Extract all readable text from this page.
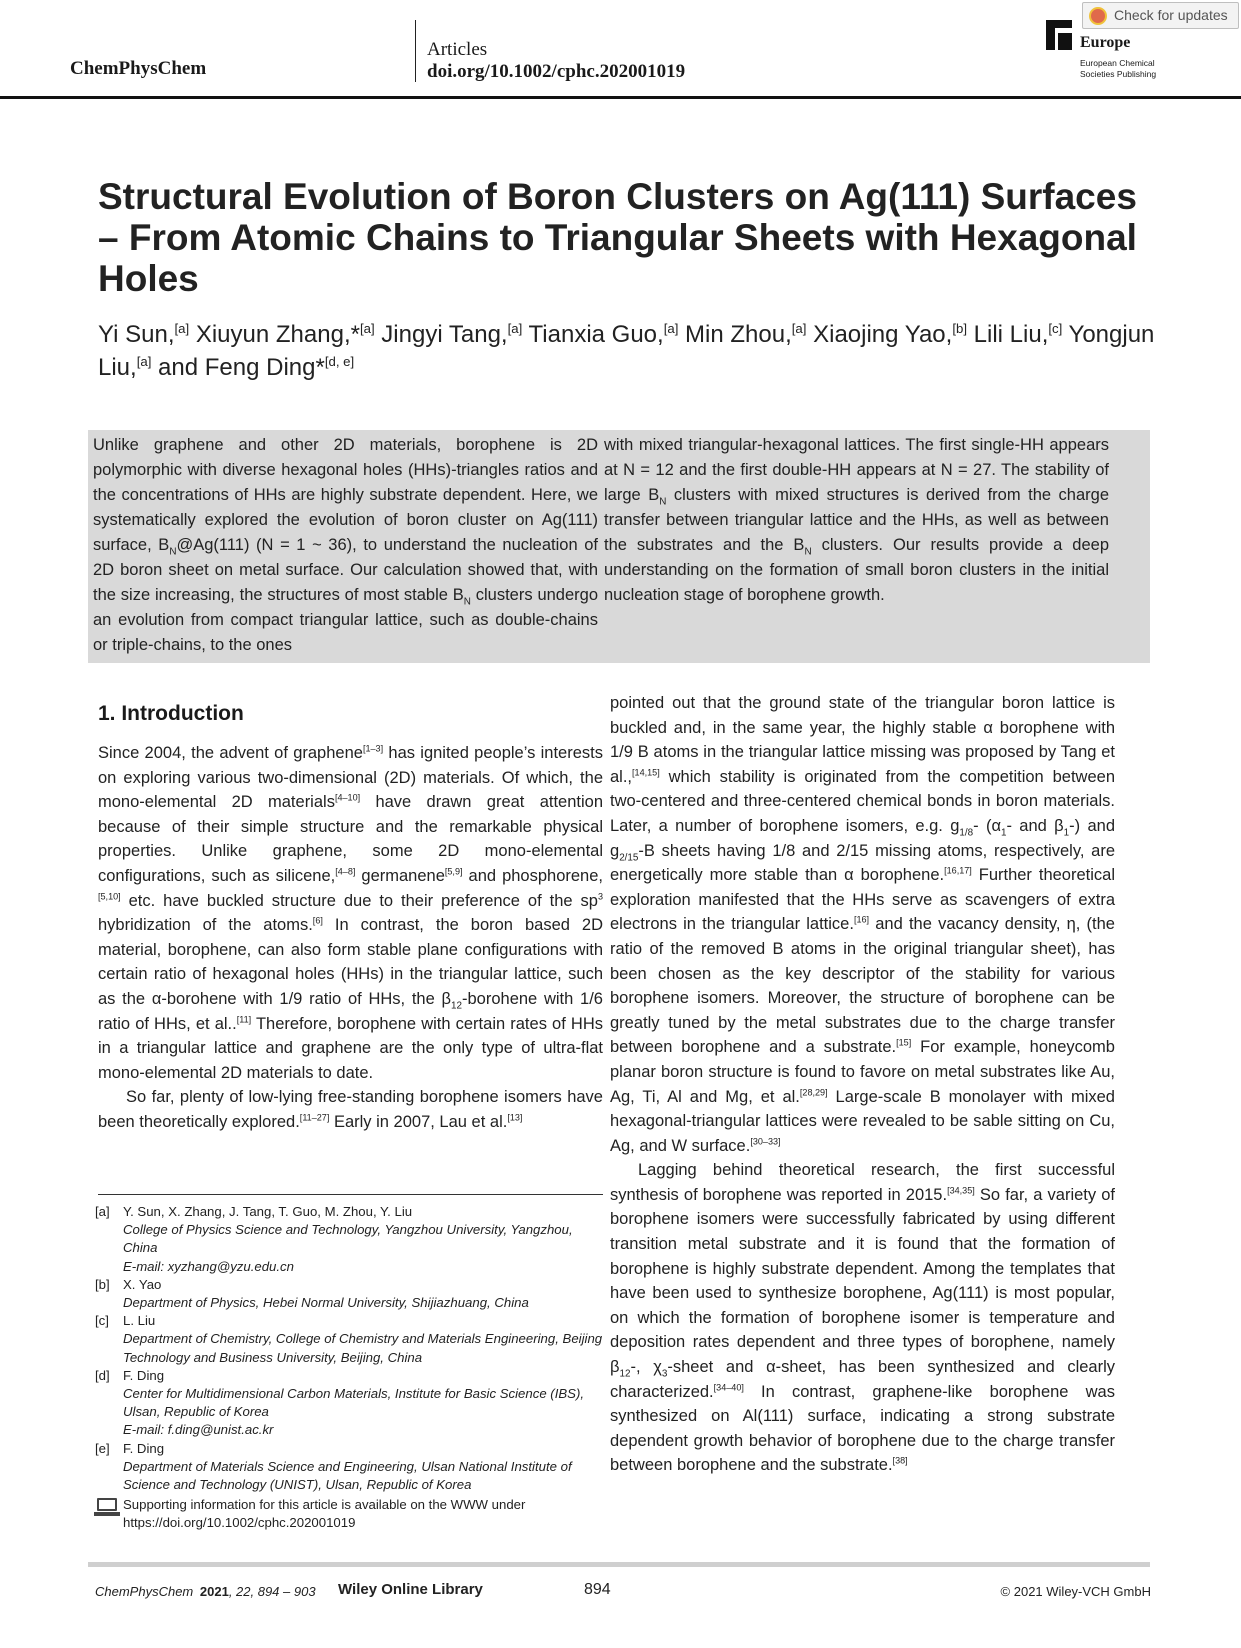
ChemPhysChem
Articles
doi.org/10.1002/cphc.202001019
Europe
European Chemical Societies Publishing
Check for updates
Structural Evolution of Boron Clusters on Ag(111) Surfaces – From Atomic Chains to Triangular Sheets with Hexagonal Holes
Yi Sun,[a] Xiuyun Zhang,*[a] Jingyi Tang,[a] Tianxia Guo,[a] Min Zhou,[a] Xiaojing Yao,[b] Lili Liu,[c] Yongjun Liu,[a] and Feng Ding*[d, e]
Unlike graphene and other 2D materials, borophene is 2D polymorphic with diverse hexagonal holes (HHs)-triangles ratios and the concentrations of HHs are highly substrate dependent. Here, we systematically explored the evolution of boron cluster on Ag(111) surface, $B_N@Ag(111) (N = 1$ ~ 36), to understand the nucleation of 2D boron sheet on metal surface. Our calculation showed that, with the size increasing, the structures of most stable $B_N$ clusters undergo an evolution from compact triangular lattice, such as double-chains or triple-chains, to the ones
with mixed triangular-hexagonal lattices. The first single-HH appears at N = 12 and the first double-HH appears at N = 27. The stability of large $B_N$ clusters with mixed structures is derived from the charge transfer between triangular lattice and the HHs, as well as between the substrates and the $B_N$ clusters. Our results provide a deep understanding on the formation of small boron clusters in the initial nucleation stage of borophene growth.
1. Introduction

Since 2004, the advent of graphene[1–3] has ignited people’s interests on exploring various two-dimensional (2D) materials. Of which, the mono-elemental 2D materials[4–10] have drawn great attention because of their simple structure and the remarkable physical properties. Unlike graphene, some 2D mono-elemental configurations, such as silicene,[4–8] germanene[5,9] and phosphorene,[5,10] etc. have buckled structure due to their preference of the $sp^3$ hybridization of the atoms.[6] In contrast, the boron based 2D material, borophene, can also form stable plane configurations with certain ratio of hexagonal holes (HHs) in the triangular lattice, such as the α-borohene with 1/9 ratio of HHs, the $\beta_{12}$-borohene with 1/6 ratio of HHs, et al..[11] Therefore, borophene with certain rates of HHs in a triangular lattice and graphene are the only type of ultra-flat mono-elemental 2D materials to date.

So far, plenty of low-lying free-standing borophene isomers have been theoretically explored.[11–27] Early in 2007, Lau et al.[13]

[a] Y. Sun, X. Zhang, J. Tang, T. Guo, M. Zhou, Y. Liu
College of Physics Science and Technology, Yangzhou University, Yangzhou, China
E-mail: xyzhang@yzu.edu.cn
[b] X. Yao
Department of Physics, Hebei Normal University, Shijiazhuang, China
[c] L. Liu
Department of Chemistry, College of Chemistry and Materials Engineering, Beijing Technology and Business University, Beijing, China
[d] F. Ding
Center for Multidimensional Carbon Materials, Institute for Basic Science (IBS), Ulsan, Republic of Korea
E-mail: f.ding@unist.ac.kr
[e] F. Ding
Department of Materials Science and Engineering, Ulsan National Institute of Science and Technology (UNIST), Ulsan, Republic of Korea
Supporting information for this article is available on the WWW under https://doi.org/10.1002/cphc.202001019

pointed out that the ground state of the triangular boron lattice is buckled and, in the same year, the highly stable α borophene with 1/9 B atoms in the triangular lattice missing was proposed by Tang et al.,[14,15] which stability is originated from the competition between two-centered and three-centered chemical bonds in boron materials. Later, a number of borophene isomers, e.g. $g_{1/8}-$ ($\alpha_1-$ and $\beta_1-$) and $g_{2/15}-B$ sheets having 1/8 and 2/15 missing atoms, respectively, are energetically more stable than α borophene.[16,17] Further theoretical exploration manifested that the HHs serve as scavengers of extra electrons in the triangular lattice.[16] and the vacancy density, η, (the ratio of the removed B atoms in the original triangular sheet), has been chosen as the key descriptor of the stability for various borophene isomers. Moreover, the structure of borophene can be greatly tuned by the metal substrates due to the charge transfer between borophene and a substrate.[15] For example, honeycomb planar boron structure is found to favore on metal substrates like Au, Ag, Ti, Al and Mg, et al.[28,29] Large-scale B monolayer with mixed hexagonal-triangular lattices were revealed to be sable sitting on Cu, Ag, and W surface.[30–33]

Lagging behind theoretical research, the first successful synthesis of borophene was reported in 2015.[34,35] So far, a variety of borophene isomers were successfully fabricated by using different transition metal substrate and it is found that the formation of borophene is highly substrate dependent. Among the templates that have been used to synthesize borophene, Ag(111) is most popular, on which the formation of borophene isomer is temperature and deposition rates dependent and three types of borophene, namely $\beta_{12}-$, $\chi_3$-sheet and α-sheet, has been synthesized and clearly characterized.[34–40] In contrast, graphene-like borophene was synthesized on Al(111) surface, indicating a strong substrate dependent growth behavior of borophene due to the charge transfer between borophene and the substrate.[38]

ChemPhysChem 2021, 22, 894 – 903 Wiley Online Library	894	© 2021 Wiley-VCH GmbH
